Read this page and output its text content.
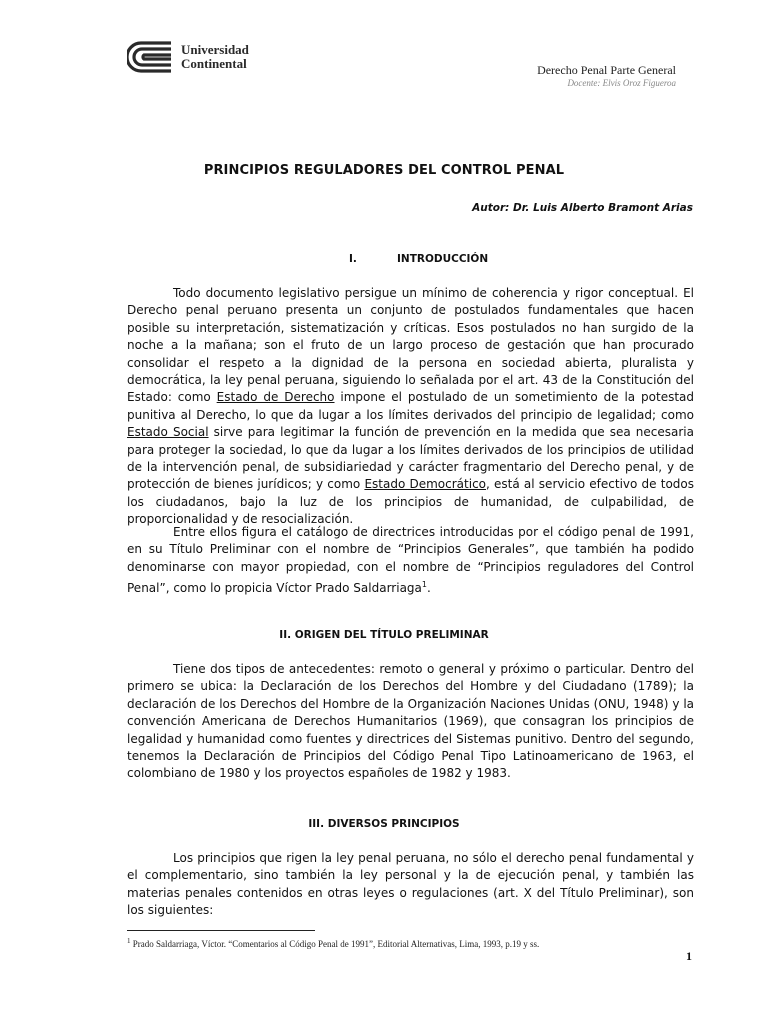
Universidad
Continental	Derecho Penal Parte General
Docente: Elvis Oroz Figueroa
PRINCIPIOS REGULADORES DEL CONTROL PENAL
Autor: Dr. Luis Alberto Bramont Arias
I.	INTRODUCCIÓN
Todo documento legislativo persigue un mínimo de coherencia y rigor conceptual. El Derecho penal peruano presenta un conjunto de postulados fundamentales que hacen posible su interpretación, sistematización y críticas. Esos postulados no han surgido de la noche a la mañana; son el fruto de un largo proceso de gestación que han procurado consolidar el respeto a la dignidad de la persona en sociedad abierta, pluralista y democrática, la ley penal peruana, siguiendo lo señalada por el art. 43 de la Constitución del Estado: como Estado de Derecho impone el postulado de un sometimiento de la potestad punitiva al Derecho, lo que da lugar a los límites derivados del principio de legalidad; como Estado Social sirve para legitimar la función de prevención en la medida que sea necesaria para proteger la sociedad, lo que da lugar a los límites derivados de los principios de utilidad de la intervención penal, de subsidiariedad y carácter fragmentario del Derecho penal, y de protección de bienes jurídicos; y como Estado Democrático, está al servicio efectivo de todos los ciudadanos, bajo la luz de los principios de humanidad, de culpabilidad, de proporcionalidad y de resocialización.
Entre ellos figura el catálogo de directrices introducidas por el código penal de 1991, en su Título Preliminar con el nombre de “Principios Generales”, que también ha podido denominarse con mayor propiedad, con el nombre de “Principios reguladores del Control Penal”, como lo propicia Víctor Prado Saldarriaga$^1$.
II. ORIGEN DEL TÍTULO PRELIMINAR
Tiene dos tipos de antecedentes: remoto o general y próximo o particular. Dentro del primero se ubica: la Declaración de los Derechos del Hombre y del Ciudadano (1789); la declaración de los Derechos del Hombre de la Organización Naciones Unidas (ONU, 1948) y la convención Americana de Derechos Humanitarios (1969), que consagran los principios de legalidad y humanidad como fuentes y directrices del Sistemas punitivo. Dentro del segundo, tenemos la Declaración de Principios del Código Penal Tipo Latinoamericano de 1963, el colombiano de 1980 y los proyectos españoles de 1982 y 1983.
III. DIVERSOS PRINCIPIOS
Los principios que rigen la ley penal peruana, no sólo el derecho penal fundamental y el complementario, sino también la ley personal y la de ejecución penal, y también las materias penales contenidos en otras leyes o regulaciones (art. X del Título Preliminar), son los siguientes:
$^1$ Prado Saldarriaga, Víctor. “Comentarios al Código Penal de 1991”, Editorial Alternativas, Lima, 1993, p.19 y ss.
1
